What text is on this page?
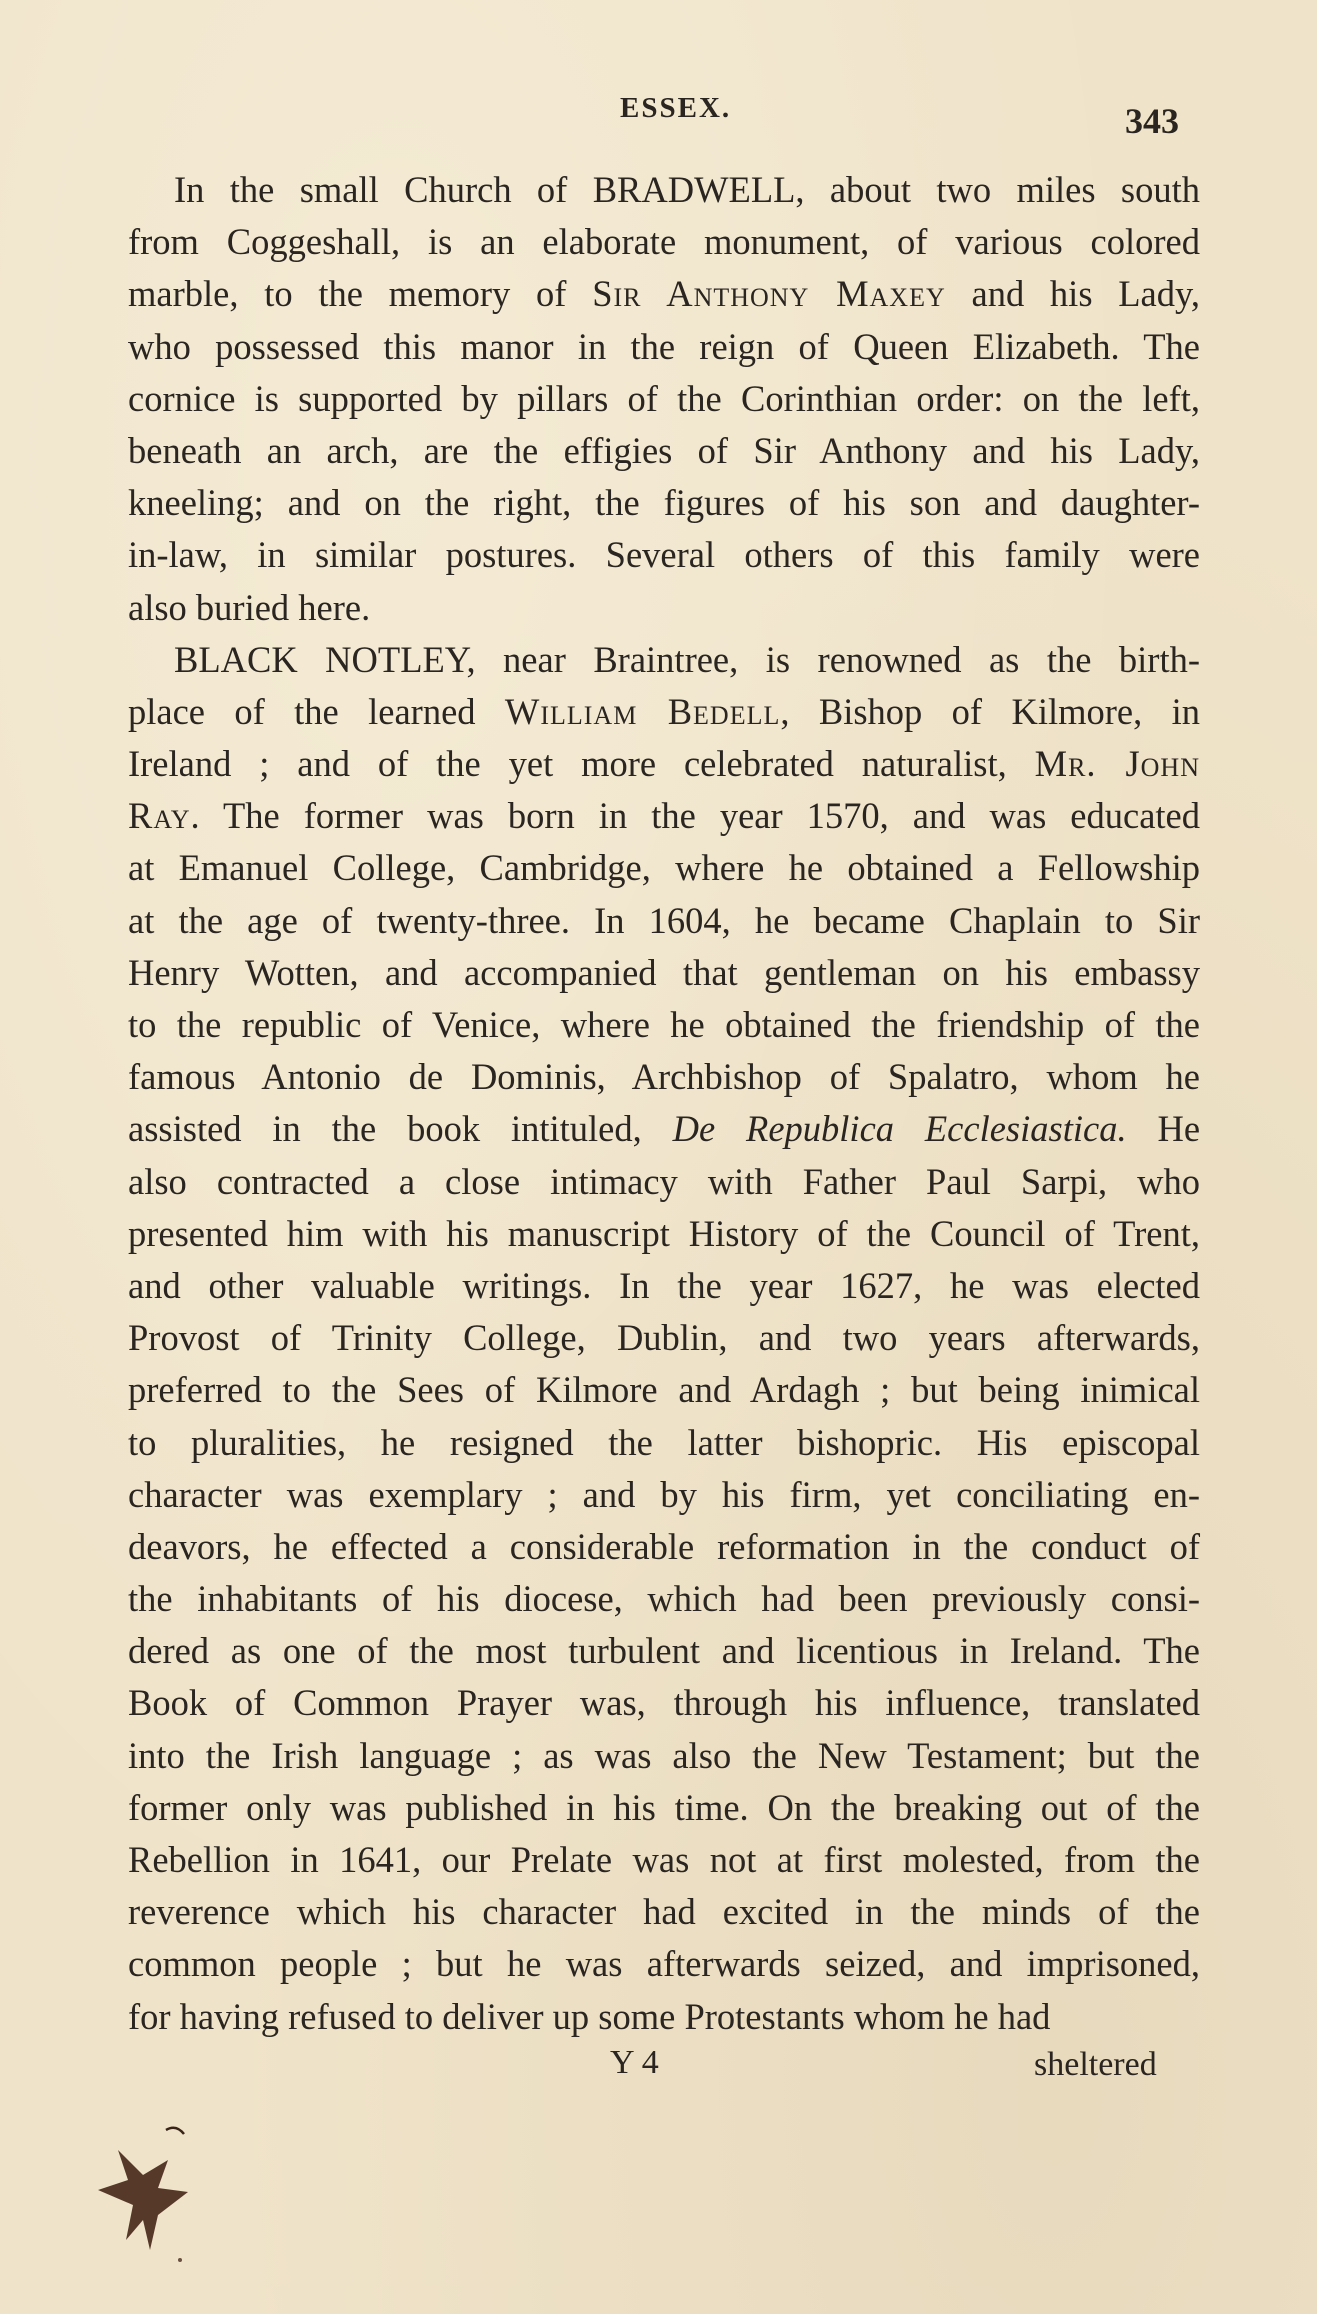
ESSEX.	343
In the small Church of BRADWELL, about two miles south
from Coggeshall, is an elaborate monument, of various colored
marble, to the memory of Sir Anthony Maxey and his Lady,
who possessed this manor in the reign of Queen Elizabeth. The
cornice is supported by pillars of the Corinthian order: on the left,
beneath an arch, are the effigies of Sir Anthony and his Lady,
kneeling; and on the right, the figures of his son and daughter-
in-law, in similar postures. Several others of this family were
also buried here.
BLACK NOTLEY, near Braintree, is renowned as the birth-
place of the learned William Bedell, Bishop of Kilmore, in
Ireland ; and of the yet more celebrated naturalist, Mr. John
Ray. The former was born in the year 1570, and was educated
at Emanuel College, Cambridge, where he obtained a Fellowship
at the age of twenty-three. In 1604, he became Chaplain to Sir
Henry Wotten, and accompanied that gentleman on his embassy
to the republic of Venice, where he obtained the friendship of the
famous Antonio de Dominis, Archbishop of Spalatro, whom he
assisted in the book intituled, De Republica Ecclesiastica. He
also contracted a close intimacy with Father Paul Sarpi, who
presented him with his manuscript History of the Council of Trent,
and other valuable writings. In the year 1627, he was elected
Provost of Trinity College, Dublin, and two years afterwards,
preferred to the Sees of Kilmore and Ardagh ; but being inimical
to pluralities, he resigned the latter bishopric. His episcopal
character was exemplary ; and by his firm, yet conciliating en-
deavors, he effected a considerable reformation in the conduct of
the inhabitants of his diocese, which had been previously consi-
dered as one of the most turbulent and licentious in Ireland. The
Book of Common Prayer was, through his influence, translated
into the Irish language ; as was also the New Testament; but the
former only was published in his time. On the breaking out of the
Rebellion in 1641, our Prelate was not at first molested, from the
reverence which his character had excited in the minds of the
common people ; but he was afterwards seized, and imprisoned,
for having refused to deliver up some Protestants whom he had
Y 4	sheltered
